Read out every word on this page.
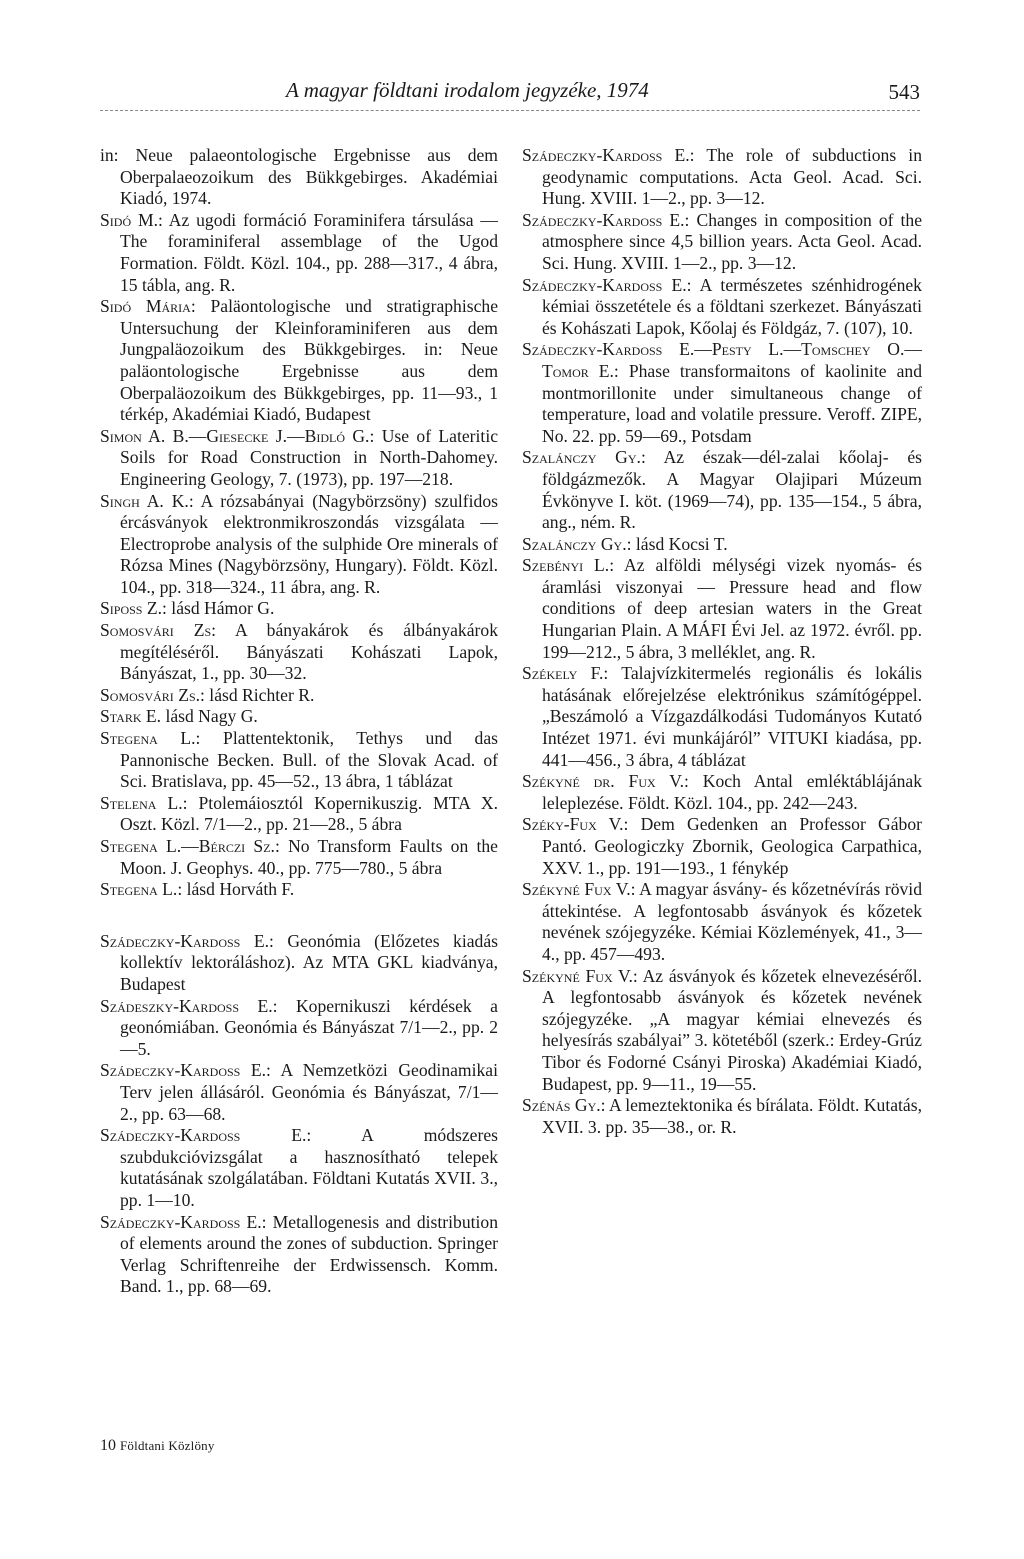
A magyar földtani irodalom jegyzéke, 1974	543

in: Neue palaeontologische Ergebnisse aus dem Oberpalaeozoikum des Bükkgebirges. Akadémiai Kiadó, 1974.

Sidó M.: Az ugodi formáció Foraminifera társulása — The foraminiferal assemblage of the Ugod Formation. Földt. Közl. 104., pp. 288—317., 4 ábra, 15 tábla, ang. R.

Sidó Mária: Paläontologische und stratigraphische Untersuchung der Kleinforaminiferen aus dem Jungpaläozoikum des Bükkgebirges. in: Neue paläontologische Ergebnisse aus dem Oberpaläozoikum des Bükkgebirges, pp. 11—93., 1 térkép, Akadémiai Kiadó, Budapest

Simon A. B.—Giesecke J.—Bidló G.: Use of Lateritic Soils for Road Construction in North-Dahomey. Engineering Geology, 7. (1973), pp. 197—218.

Singh A. K.: A rózsabányai (Nagybörzsöny) szulfidos ércásványok elektronmikroszondás vizsgálata — Electroprobe analysis of the sulphide Ore minerals of Rózsa Mines (Nagybörzsöny, Hungary). Földt. Közl. 104., pp. 318—324., 11 ábra, ang. R.

Siposs Z.: lásd Hámor G.

Somosvári Zs: A bányakárok és álbányakárok megítéléséről. Bányászati Kohászati Lapok, Bányászat, 1., pp. 30—32.

Somosvári Zs.: lásd Richter R.

Stark E. lásd Nagy G.

Stegena L.: Plattentektonik, Tethys und das Pannonische Becken. Bull. of the Slovak Acad. of Sci. Bratislava, pp. 45—52., 13 ábra, 1 táblázat

Stelena L.: Ptolemáiosztól Kopernikuszig. MTA X. Oszt. Közl. 7/1—2., pp. 21—28., 5 ábra

Stegena L.—Bérczi Sz.: No Transform Faults on the Moon. J. Geophys. 40., pp. 775—780., 5 ábra

Stegena L.: lásd Horváth F.

Szádeczky-Kardoss E.: Geonómia (Előzetes kiadás kollektív lektoráláshoz). Az MTA GKL kiadványa, Budapest

Szádeszky-Kardoss E.: Kopernikuszi kérdések a geonómiában. Geonómia és Bányászat 7/1—2., pp. 2—5.

Szádeczky-Kardoss E.: A Nemzetközi Geodinamikai Terv jelen állásáról. Geonómia és Bányászat, 7/1—2., pp. 63—68.

Szádeczky-Kardoss E.: A módszeres szubdukcióvizsgálat a hasznosítható telepek kutatásának szolgálatában. Földtani Kutatás XVII. 3., pp. 1—10.

Szádeczky-Kardoss E.: Metallogenesis and distribution of elements around the zones of subduction. Springer Verlag Schriftenreihe der Erdwissensch. Komm. Band. 1., pp. 68—69.

Szádeczky-Kardoss E.: The role of subductions in geodynamic computations. Acta Geol. Acad. Sci. Hung. XVIII. 1—2., pp. 3—12.

Szádeczky-Kardoss E.: Changes in composition of the atmosphere since 4,5 billion years. Acta Geol. Acad. Sci. Hung. XVIII. 1—2., pp. 3—12.

Szádeczky-Kardoss E.: A természetes szénhidrogének kémiai összetétele és a földtani szerkezet. Bányászati és Kohászati Lapok, Kőolaj és Földgáz, 7. (107), 10.

Szádeczky-Kardoss E.—Pesty L.—Tomschey O.—Tomor E.: Phase transformaitons of kaolinite and montmorillonite under simultaneous change of temperature, load and volatile pressure. Veroff. ZIPE, No. 22. pp. 59—69., Potsdam

Szalánczy Gy.: Az észak—dél-zalai kőolaj- és földgázmezők. A Magyar Olajipari Múzeum Évkönyve I. köt. (1969—74), pp. 135—154., 5 ábra, ang., ném. R.

Szalánczy Gy.: lásd Kocsi T.

Szebényi L.: Az alföldi mélységi vizek nyomás- és áramlási viszonyai — Pressure head and flow conditions of deep artesian waters in the Great Hungarian Plain. A MÁFI Évi Jel. az 1972. évről. pp. 199—212., 5 ábra, 3 melléklet, ang. R.

Székely F.: Talajvízkitermelés regionális és lokális hatásának előrejelzése elektrónikus számítógéppel. „Beszámoló a Vízgazdálkodási Tudományos Kutató Intézet 1971. évi munkájáról” VITUKI kiadása, pp. 441—456., 3 ábra, 4 táblázat

Székyné dr. Fux V.: Koch Antal emléktáblájának leleplezése. Földt. Közl. 104., pp. 242—243.

Széky-Fux V.: Dem Gedenken an Professor Gábor Pantó. Geologiczky Zbornik, Geologica Carpathica, XXV. 1., pp. 191—193., 1 fénykép

Székyné Fux V.: A magyar ásvány- és kőzetnévírás rövid áttekintése. A legfontosabb ásványok és kőzetek nevének szójegyzéke. Kémiai Közlemények, 41., 3—4., pp. 457—493.

Székyné Fux V.: Az ásványok és kőzetek elnevezéséről. A legfontosabb ásványok és kőzetek nevének szójegyzéke. „A magyar kémiai elnevezés és helyesírás szabályai” 3. kötetéből (szerk.: Erdey-Grúz Tibor és Fodorné Csányi Piroska) Akadémiai Kiadó, Budapest, pp. 9—11., 19—55.

Szénás Gy.: A lemeztektonika és bírálata. Földt. Kutatás, XVII. 3. pp. 35—38., or. R.

10 Földtani Közlöny
